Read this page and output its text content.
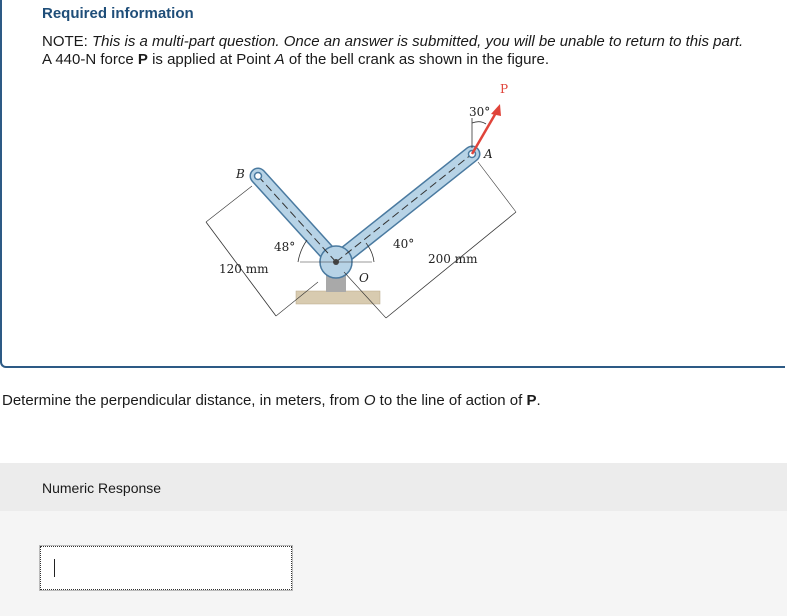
Required information
NOTE: This is a multi-part question. Once an answer is submitted, you will be unable to return to this part.
A 440-N force P is applied at Point A of the bell crank as shown in the figure.
P
A
B
O
30°
48°	40°
120 mm
200 mm
Determine the perpendicular distance, in meters, from O to the line of action of P.
Numeric Response
